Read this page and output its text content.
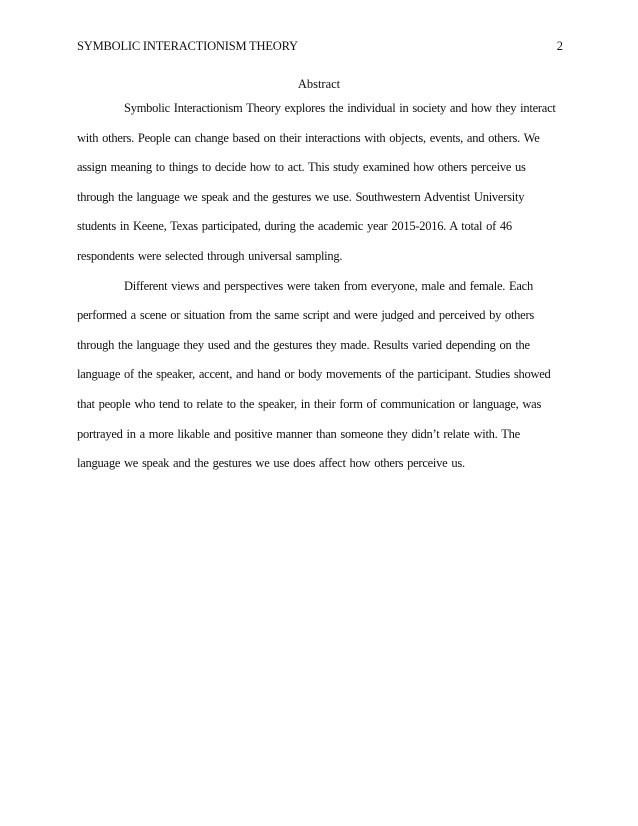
SYMBOLIC INTERACTIONISM THEORY	2
Abstract
Symbolic Interactionism Theory explores the individual in society and how they interact
with others. People can change based on their interactions with objects, events, and others. We
assign meaning to things to decide how to act. This study examined how others perceive us
through the language we speak and the gestures we use. Southwestern Adventist University
students in Keene, Texas participated, during the academic year 2015-2016. A total of 46
respondents were selected through universal sampling.
Different views and perspectives were taken from everyone, male and female. Each
performed a scene or situation from the same script and were judged and perceived by others
through the language they used and the gestures they made. Results varied depending on the
language of the speaker, accent, and hand or body movements of the participant. Studies showed
that people who tend to relate to the speaker, in their form of communication or language, was
portrayed in a more likable and positive manner than someone they didn’t relate with. The
language we speak and the gestures we use does affect how others perceive us.
